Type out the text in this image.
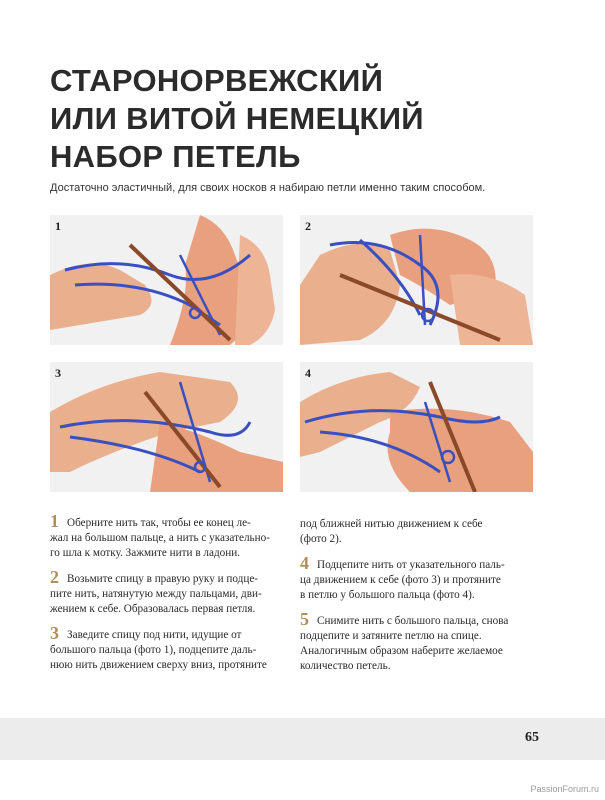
СТАРОНОРВЕЖСКИЙ
ИЛИ ВИТОЙ НЕМЕЦКИЙ
НАБОР ПЕТЕЛЬ
Достаточно эластичный, для своих носков я набираю петли именно таким способом.
1	2
3	4
1 Оберните нить так, чтобы ее конец ле-
жал на большом пальце, а нить с указательно-
го шла к мотку. Зажмите нити в ладони.
2 Возьмите спицу в правую руку и подце-
пите нить, натянутую между пальцами, дви-
жением к себе. Образовалась первая петля.
3 Заведите спицу под нити, идущие от
большого пальца (фото 1), подцепите даль-
нюю нить движением сверху вниз, протяните
под ближней нитью движением к себе
(фото 2).
4 Подцепите нить от указательного паль-
ца движением к себе (фото 3) и протяните
в петлю у большого пальца (фото 4).
5 Снимите нить с большого пальца, снова
подцепите и затяните петлю на спице.
Аналогичным образом наберите желаемое
количество петель.
65
PassionForum.ru
